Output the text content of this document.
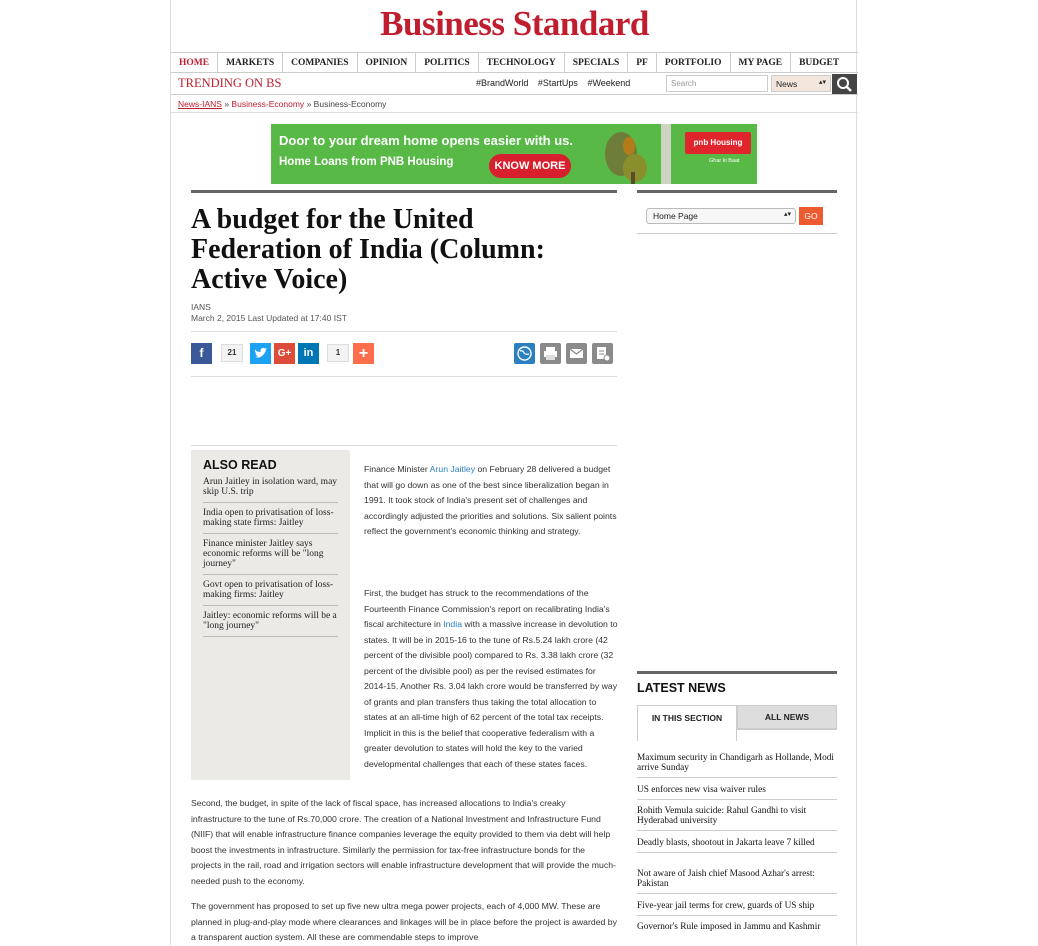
Business Standard
HOME	MARKETS	COMPANIES	OPINION	POLITICS	TECHNOLOGY	SPECIALS	PF	PORTFOLIO	MY PAGE	BUDGET
TRENDING ON BS	#BrandWorld #StartUps #Weekend	Search	News	▴▾
News-IANS » Business-Economy » Business-Economy
Door to your dream home opens easier with us.
Home Loans from PNB Housing	KNOW MORE
pnb Housing
Ghar ki Baat
A budget for the United Federation of India (Column: Active Voice)
IANS
March 2, 2015 Last Updated at 17:40 IST
f	21	G+	in	1	+
ALSO READ
Arun Jaitley in isolation ward, may skip U.S. trip
India open to privatisation of loss-making state firms: Jaitley
Finance minister Jaitley says economic reforms will be "long journey"
Govt open to privatisation of loss-making firms: Jaitley
Jaitley: economic reforms will be a "long journey"

Finance Minister Arun Jaitley on February 28 delivered a budget that will go down as one of the best since liberalization began in 1991. It took stock of India's present set of challenges and accordingly adjusted the priorities and solutions. Six salient points reflect the government's economic thinking and strategy.

First, the budget has struck to the recommendations of the Fourteenth Finance Commission's report on recalibrating India's fiscal architecture in India with a massive increase in devolution to states. It will be in 2015-16 to the tune of Rs.5.24 lakh crore (42 percent of the divisible pool) compared to Rs. 3.38 lakh crore (32 percent of the divisible pool) as per the revised estimates for 2014-15. Another Rs. 3.04 lakh crore would be transferred by way of grants and plan transfers thus taking the total allocation to states at an all-time high of 62 percent of the total tax receipts. Implicit in this is the belief that cooperative federalism with a greater devolution to states will hold the key to the varied developmental challenges that each of these states faces.

Second, the budget, in spite of the lack of fiscal space, has increased allocations to India's creaky infrastructure to the tune of Rs.70,000 crore. The creation of a National Investment and Infrastructure Fund (NIIF) that will enable infrastructure finance companies leverage the equity provided to them via debt will help boost the investments in infrastructure. Similarly the permission for tax-free infrastructure bonds for the projects in the rail, road and irrigation sectors will enable infrastructure development that will provide the much-needed push to the economy.

The government has proposed to set up five new ultra mega power projects, each of 4,000 MW. These are planned in plug-and-play mode where clearances and linkages will be in place before the project is awarded by a transparent auction system. All these are commendable steps to improve

Home Page	▴▾	GO
LATEST NEWS
IN THIS SECTION	ALL NEWS
Maximum security in Chandigarh as Hollande, Modi arrive Sunday
US enforces new visa waiver rules
Rohith Vemula suicide: Rahul Gandhi to visit Hyderabad university
Deadly blasts, shootout in Jakarta leave 7 killed
Not aware of Jaish chief Masood Azhar's arrest: Pakistan
Five-year jail terms for crew, guards of US ship
Governor's Rule imposed in Jammu and Kashmir
